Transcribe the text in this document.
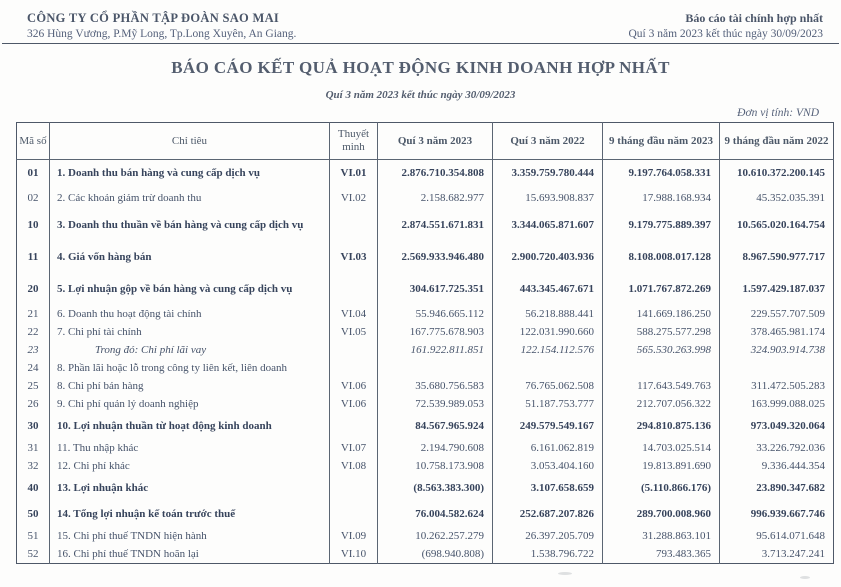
CÔNG TY CỔ PHẦN TẬP ĐOÀN SAO MAI
326 Hùng Vương, P.Mỹ Long, Tp.Long Xuyên, An Giang.
Báo cáo tài chính hợp nhất
Quí 3 năm 2023 kết thúc ngày 30/09/2023
BÁO CÁO KẾT QUẢ HOẠT ĐỘNG KINH DOANH HỢP NHẤT
Quí 3 năm 2023 kết thúc ngày 30/09/2023
Đơn vị tính: VND
Mã số	Chỉ tiêu	Thuyết minh	Quí 3 năm 2023	Quí 3 năm 2022	9 tháng đầu năm 2023	9 tháng đầu năm 2022
01	1. Doanh thu bán hàng và cung cấp dịch vụ	VI.01	2.876.710.354.808	3.359.759.780.444	9.197.764.058.331	10.610.372.200.145
02	2. Các khoản giảm trừ doanh thu	VI.02	2.158.682.977	15.693.908.837	17.988.168.934	45.352.035.391
10	3. Doanh thu thuần về bán hàng và cung cấp dịch vụ		2.874.551.671.831	3.344.065.871.607	9.179.775.889.397	10.565.020.164.754
11	4. Giá vốn hàng bán	VI.03	2.569.933.946.480	2.900.720.403.936	8.108.008.017.128	8.967.590.977.717
20	5. Lợi nhuận gộp về bán hàng và cung cấp dịch vụ		304.617.725.351	443.345.467.671	1.071.767.872.269	1.597.429.187.037
21	6. Doanh thu hoạt động tài chính	VI.04	55.946.665.112	56.218.888.441	141.669.186.250	229.557.707.509
22	7. Chi phí tài chính	VI.05	167.775.678.903	122.031.990.660	588.275.577.298	378.465.981.174
23	Trong đó: Chi phí lãi vay		161.922.811.851	122.154.112.576	565.530.263.998	324.903.914.738
24	8. Phần lãi hoặc lỗ trong công ty liên kết, liên doanh					
25	8. Chi phí bán hàng	VI.06	35.680.756.583	76.765.062.508	117.643.549.763	311.472.505.283
26	9. Chi phí quản lý doanh nghiệp	VI.06	72.539.989.053	51.187.753.777	212.707.056.322	163.999.088.025
30	10. Lợi nhuận thuần từ hoạt động kinh doanh		84.567.965.924	249.579.549.167	294.810.875.136	973.049.320.064
31	11. Thu nhập khác	VI.07	2.194.790.608	6.161.062.819	14.703.025.514	33.226.792.036
32	12. Chi phí khác	VI.08	10.758.173.908	3.053.404.160	19.813.891.690	9.336.444.354
40	13. Lợi nhuận khác		(8.563.383.300)	3.107.658.659	(5.110.866.176)	23.890.347.682
50	14. Tổng lợi nhuận kế toán trước thuế		76.004.582.624	252.687.207.826	289.700.008.960	996.939.667.746
51	15. Chi phí thuế TNDN hiện hành	VI.09	10.262.257.279	26.397.205.709	31.288.863.101	95.614.071.648
52	16. Chi phí thuế TNDN hoãn lại	VI.10	(698.940.808)	1.538.796.722	793.483.365	3.713.247.241
